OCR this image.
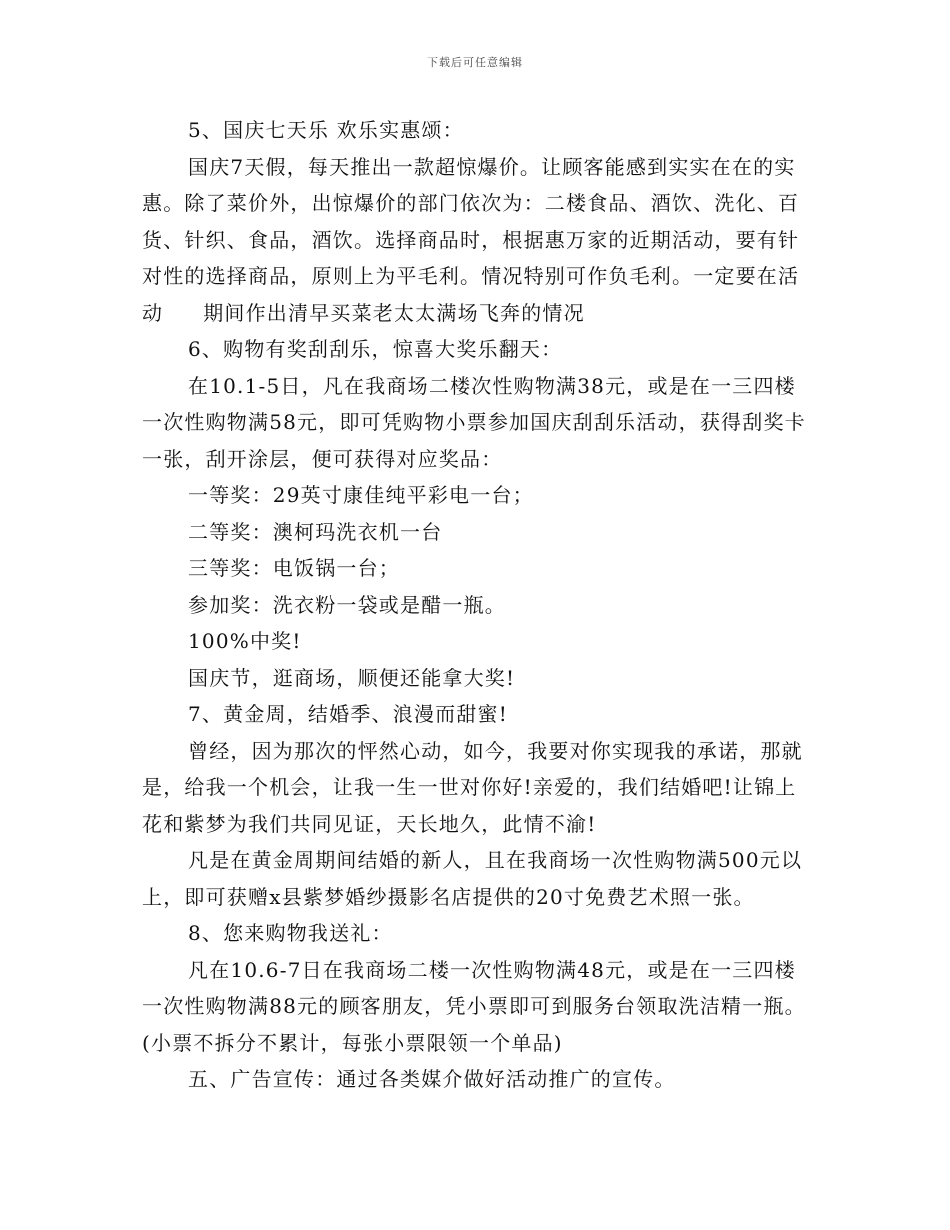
下载后可任意编辑

5、国庆七天乐 欢乐实惠颂：

国庆7天假，每天推出一款超惊爆价。让顾客能感到实实在在的实惠。除了菜价外，出惊爆价的部门依次为：二楼食品、酒饮、洗化、百货、针织、食品，酒饮。选择商品时，根据惠万家的近期活动，要有针对性的选择商品，原则上为平毛利。情况特别可作负毛利。一定要在活动 期间作出清早买菜老太太满场飞奔的情况

6、购物有奖刮刮乐，惊喜大奖乐翻天：

在10.1-5日，凡在我商场二楼次性购物满38元，或是在一三四楼一次性购物满58元，即可凭购物小票参加国庆刮刮乐活动，获得刮奖卡一张，刮开涂层，便可获得对应奖品：

一等奖：29英寸康佳纯平彩电一台；

二等奖：澳柯玛洗衣机一台

三等奖：电饭锅一台；

参加奖：洗衣粉一袋或是醋一瓶。

100%中奖!

国庆节，逛商场，顺便还能拿大奖!

7、黄金周，结婚季、浪漫而甜蜜!

曾经，因为那次的怦然心动，如今，我要对你实现我的承诺，那就是，给我一个机会，让我一生一世对你好!亲爱的，我们结婚吧!让锦上花和紫梦为我们共同见证，天长地久，此情不渝!

凡是在黄金周期间结婚的新人，且在我商场一次性购物满500元以上，即可获赠x县紫梦婚纱摄影名店提供的20寸免费艺术照一张。

8、您来购物我送礼：

凡在10.6-7日在我商场二楼一次性购物满48元，或是在一三四楼一次性购物满88元的顾客朋友，凭小票即可到服务台领取洗洁精一瓶。(小票不拆分不累计，每张小票限领一个单品)

五、广告宣传：通过各类媒介做好活动推广的宣传。
